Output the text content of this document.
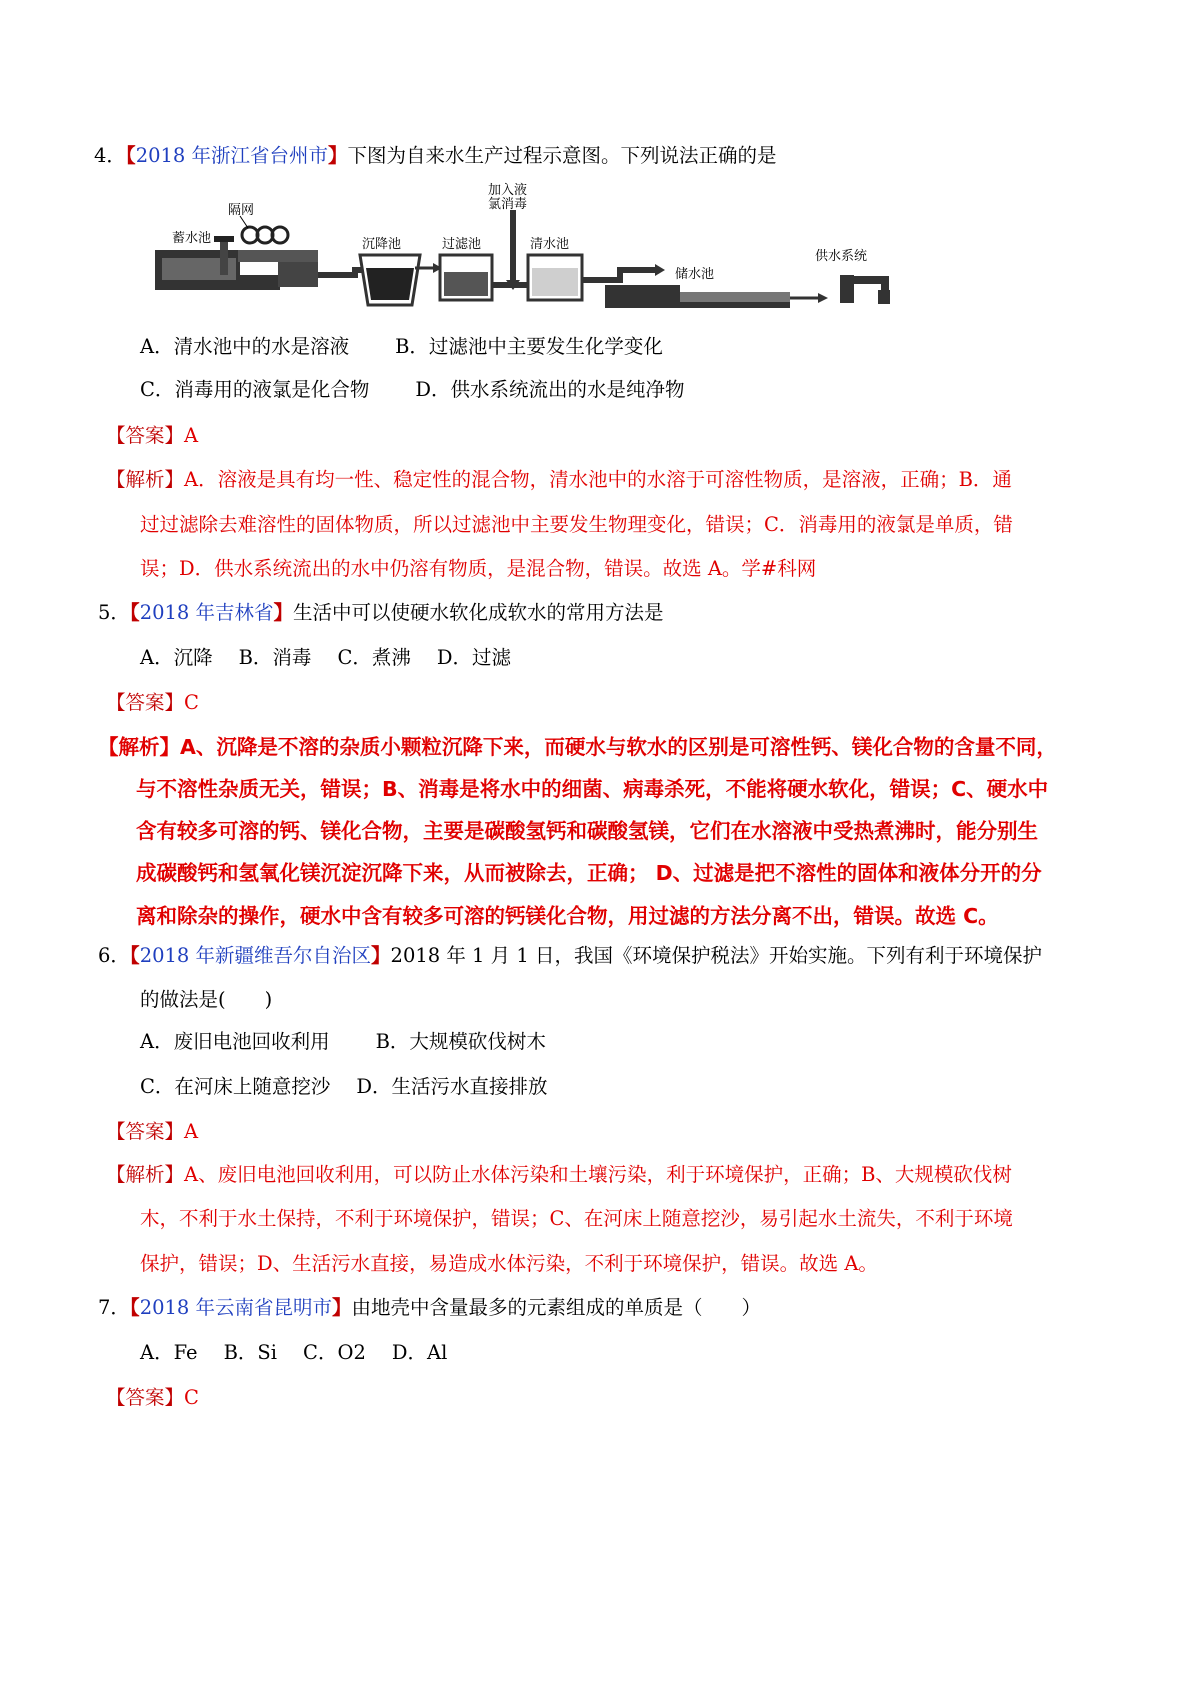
4．【2018 年浙江省台州市】下图为自来水生产过程示意图。下列说法正确的是
蓄水池
隔网
沉降池	过滤池
加入液
氯消毒
清水池
储水池
供水系统
A．清水池中的水是溶液 B．过滤池中主要发生化学变化
C．消毒用的液氯是化合物 D．供水系统流出的水是纯净物
【答案】A
【解析】A．溶液是具有均一性、稳定性的混合物，清水池中的水溶于可溶性物质，是溶液，正确；B．通
过过滤除去难溶性的固体物质，所以过滤池中主要发生物理变化，错误；C．消毒用的液氯是单质，错
误；D．供水系统流出的水中仍溶有物质，是混合物，错误。故选 A。学#科网
5．【2018 年吉林省】生活中可以使硬水软化成软水的常用方法是
A．沉降 B．消毒 C．煮沸 D．过滤
【答案】C

【解析】A、沉降是不溶的杂质小颗粒沉降下来，而硬水与软水的区别是可溶性钙、镁化合物的含量不同，
与不溶性杂质无关，错误；B、消毒是将水中的细菌、病毒杀死，不能将硬水软化，错误；C、硬水中
含有较多可溶的钙、镁化合物，主要是碳酸氢钙和碳酸氢镁，它们在水溶液中受热煮沸时，能分别生
成碳酸钙和氢氧化镁沉淀沉降下来，从而被除去，正确； D、过滤是把不溶性的固体和液体分开的分
离和除杂的操作，硬水中含有较多可溶的钙镁化合物，用过滤的方法分离不出，错误。故选 C。
6．【2018 年新疆维吾尔自治区】2018 年 1 月 1 日，我国《环境保护税法》开始实施。下列有利于环境保护
的做法是(　　)
A．废旧电池回收利用 B．大规模砍伐树木
C．在河床上随意挖沙 D．生活污水直接排放
【答案】A
【解析】A、废旧电池回收利用，可以防止水体污染和土壤污染，利于环境保护，正确；B、大规模砍伐树
木，不利于水土保持，不利于环境保护，错误；C、在河床上随意挖沙，易引起水土流失，不利于环境
保护，错误；D、生活污水直接，易造成水体污染，不利于环境保护，错误。故选 A。
7．【2018 年云南省昆明市】由地壳中含量最多的元素组成的单质是（　　）
A．Fe B．Si C．O2 D．Al
【答案】C
